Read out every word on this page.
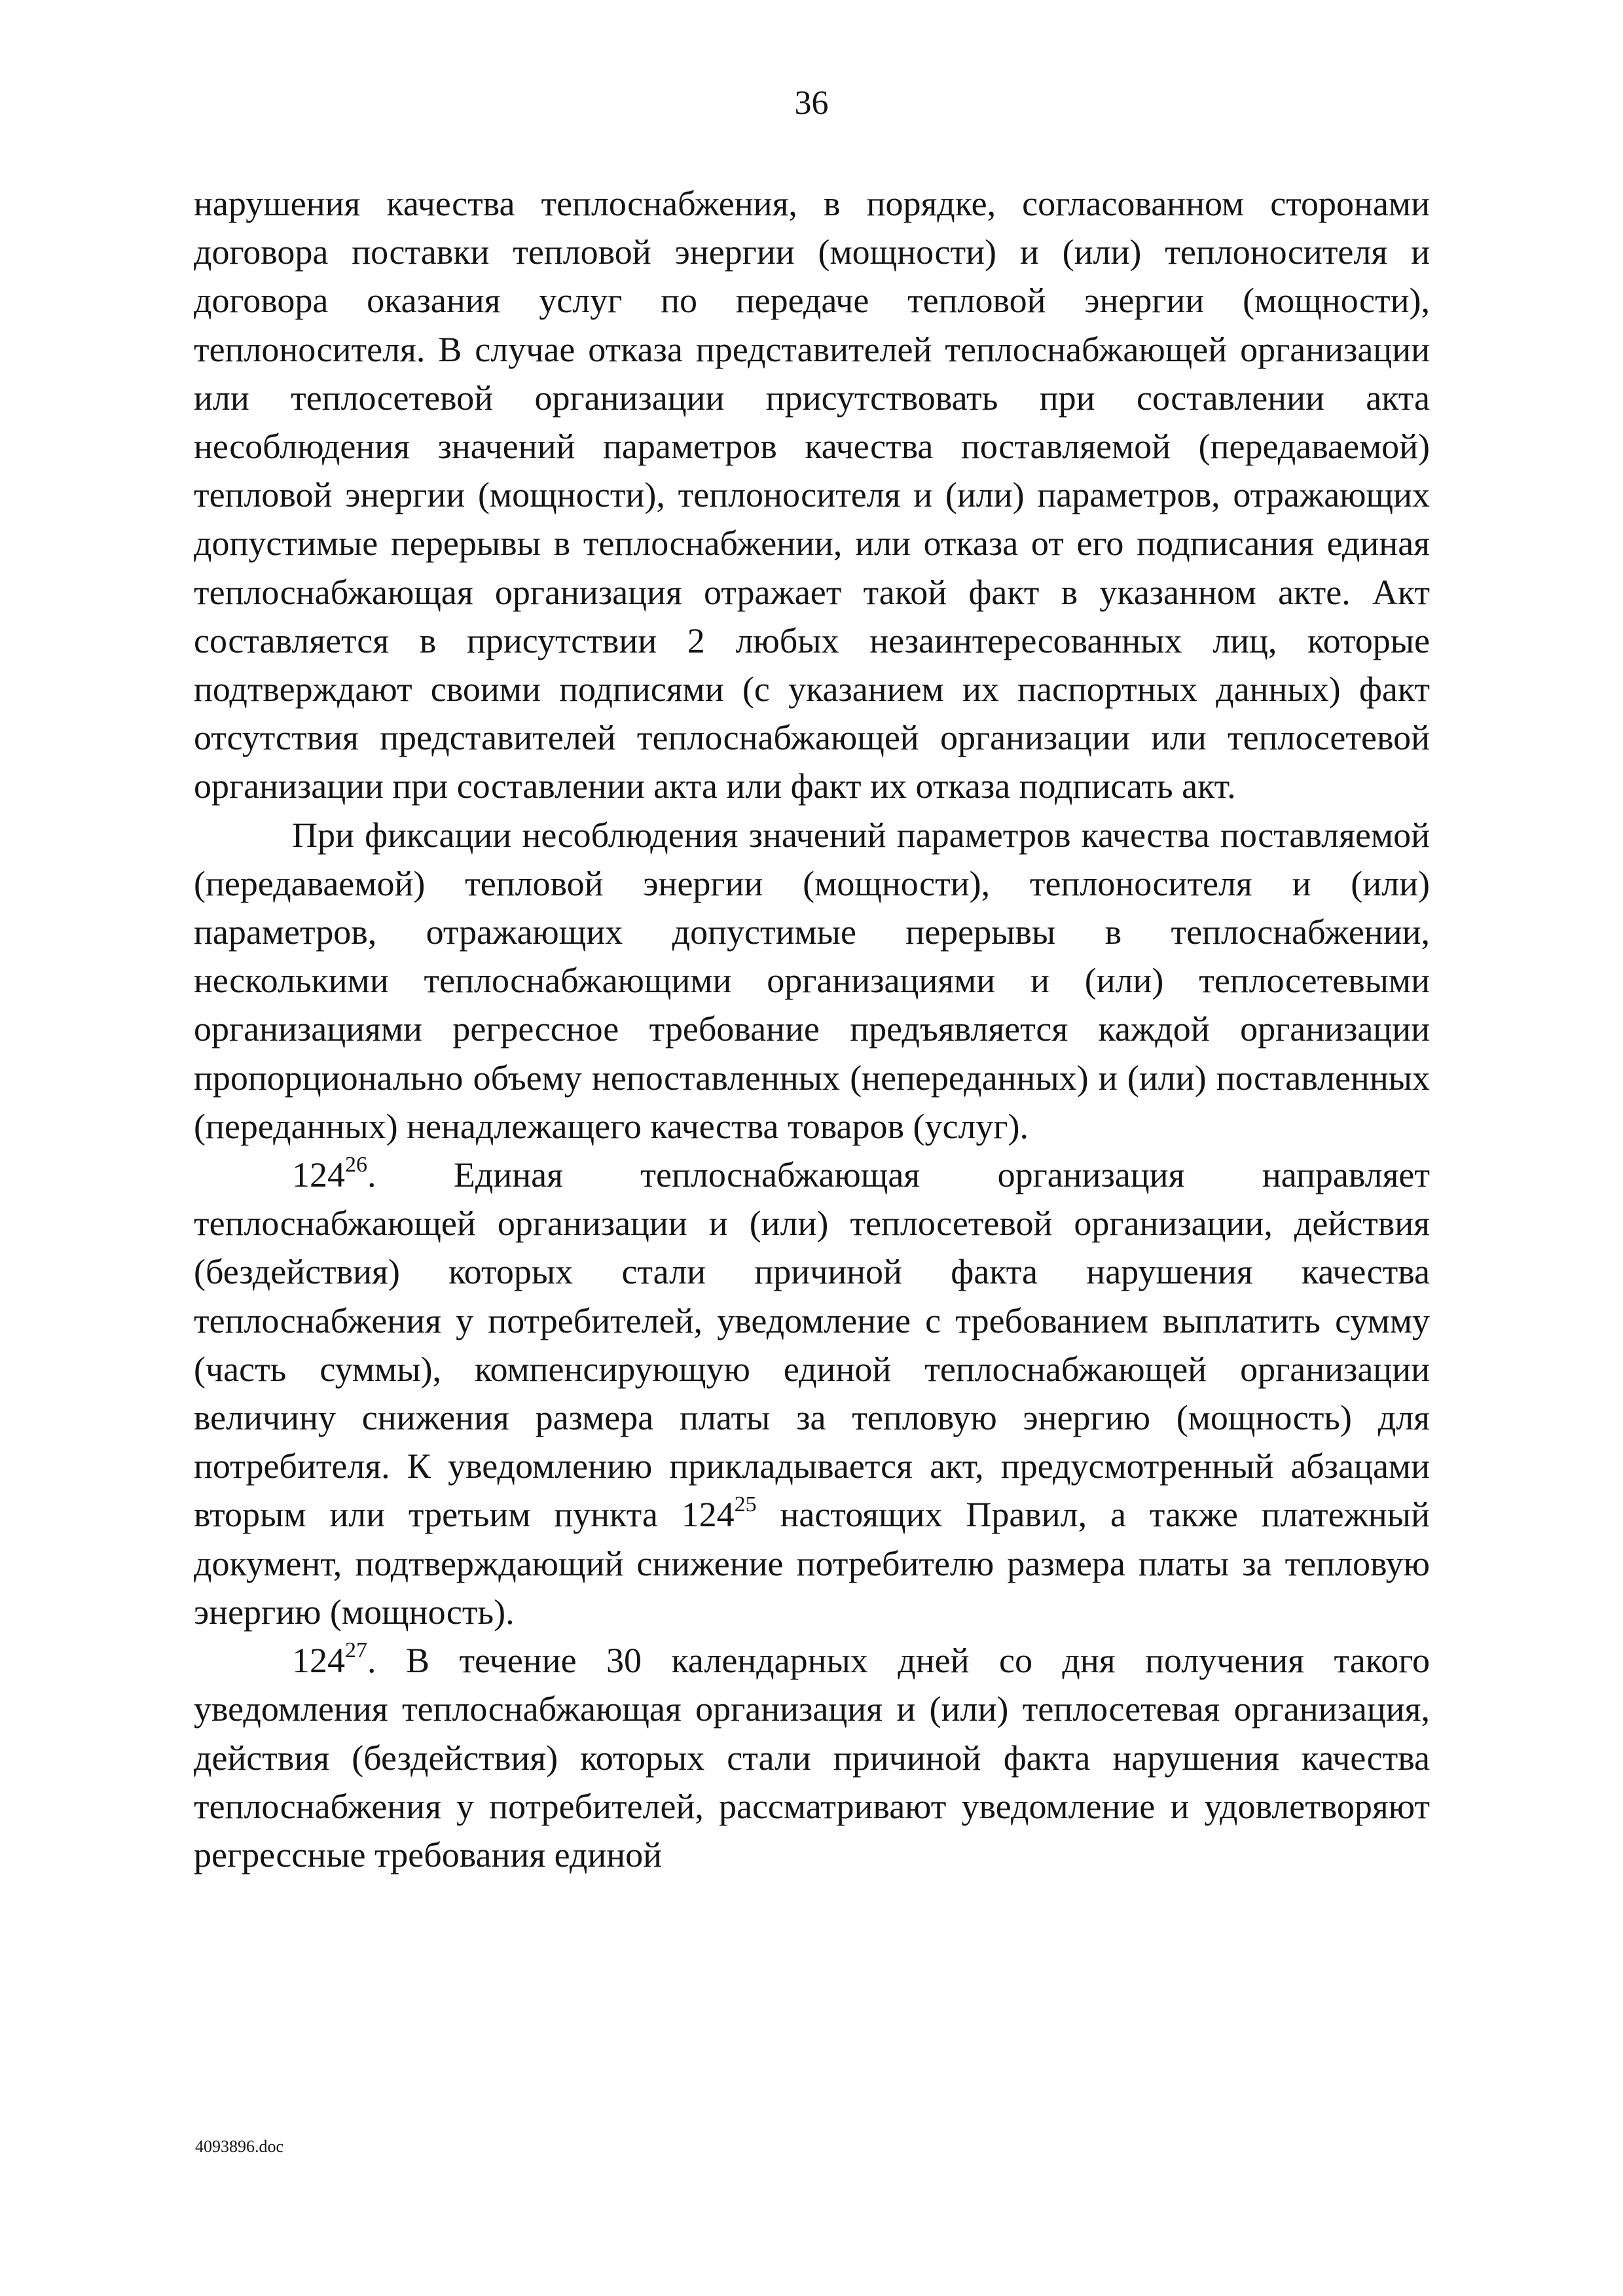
36

нарушения качества теплоснабжения, в порядке, согласованном сторонами договора поставки тепловой энергии (мощности) и (или) теплоносителя и договора оказания услуг по передаче тепловой энергии (мощности), теплоносителя. В случае отказа представителей теплоснабжающей организации или теплосетевой организации присутствовать при составлении акта несоблюдения значений параметров качества поставляемой (передаваемой) тепловой энергии (мощности), теплоносителя и (или) параметров, отражающих допустимые перерывы в теплоснабжении, или отказа от его подписания единая теплоснабжающая организация отражает такой факт в указанном акте. Акт составляется в присутствии 2 любых незаинтересованных лиц, которые подтверждают своими подписями (с указанием их паспортных данных) факт отсутствия представителей теплоснабжающей организации или теплосетевой организации при составлении акта или факт их отказа подписать акт.

При фиксации несоблюдения значений параметров качества поставляемой (передаваемой) тепловой энергии (мощности), теплоносителя и (или) параметров, отражающих допустимые перерывы в теплоснабжении, несколькими теплоснабжающими организациями и (или) теплосетевыми организациями регрессное требование предъявляется каждой организации пропорционально объему непоставленных (непереданных) и (или) поставленных (переданных) ненадлежащего качества товаров (услуг).

$124^{26}$. Единая теплоснабжающая организация направляет теплоснабжающей организации и (или) теплосетевой организации, действия (бездействия) которых стали причиной факта нарушения качества теплоснабжения у потребителей, уведомление с требованием выплатить сумму (часть суммы), компенсирующую единой теплоснабжающей организации величину снижения размера платы за тепловую энергию (мощность) для потребителя. К уведомлению прикладывается акт, предусмотренный абзацами вторым или третьим пункта $124^{25}$ настоящих Правил, а также платежный документ, подтверждающий снижение потребителю размера платы за тепловую энергию (мощность).

$124^{27}$. В течение 30 календарных дней со дня получения такого уведомления теплоснабжающая организация и (или) теплосетевая организация, действия (бездействия) которых стали причиной факта нарушения качества теплоснабжения у потребителей, рассматривают уведомление и удовлетворяют регрессные требования единой

4093896.doc
